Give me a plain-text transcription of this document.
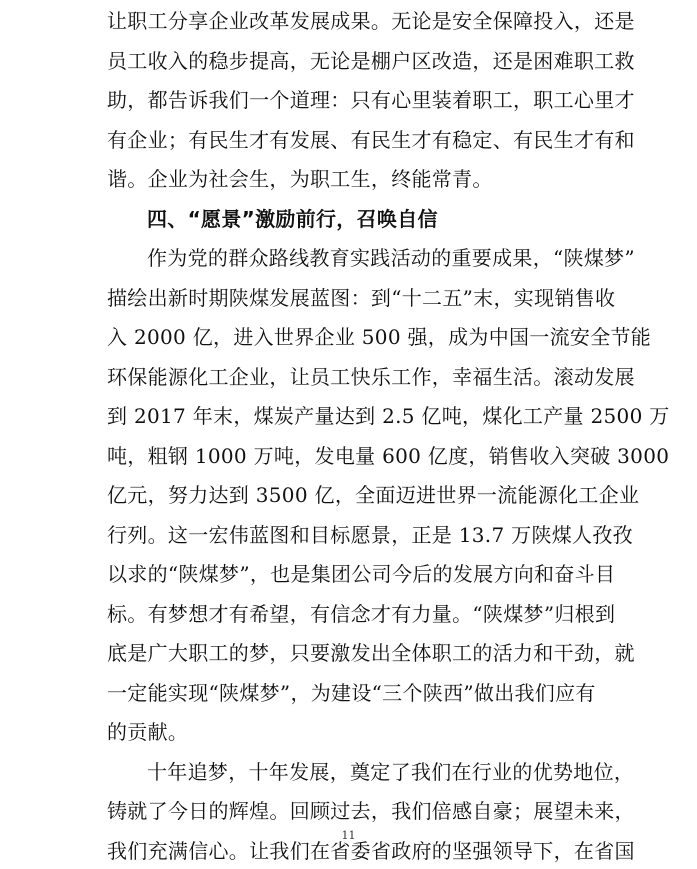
让职工分享企业改革发展成果。无论是安全保障投入，还是
员工收入的稳步提高，无论是棚户区改造，还是困难职工救
助，都告诉我们一个道理：只有心里装着职工，职工心里才
有企业；有民生才有发展、有民生才有稳定、有民生才有和
谐。企业为社会生，为职工生，终能常青。
四、“愿景”激励前行，召唤自信
作为党的群众路线教育实践活动的重要成果，“陕煤梦”
描绘出新时期陕煤发展蓝图：到“十二五”末，实现销售收
入 2000 亿，进入世界企业 500 强，成为中国一流安全节能
环保能源化工企业，让员工快乐工作，幸福生活。滚动发展
到 2017 年末，煤炭产量达到 2.5 亿吨，煤化工产量 2500 万
吨，粗钢 1000 万吨，发电量 600 亿度，销售收入突破 3000
亿元，努力达到 3500 亿，全面迈进世界一流能源化工企业
行列。这一宏伟蓝图和目标愿景，正是 13.7 万陕煤人孜孜
以求的“陕煤梦”，也是集团公司今后的发展方向和奋斗目
标。有梦想才有希望，有信念才有力量。“陕煤梦”归根到
底是广大职工的梦，只要激发出全体职工的活力和干劲，就
一定能实现“陕煤梦”，为建设“三个陕西”做出我们应有
的贡献。
十年追梦，十年发展，奠定了我们在行业的优势地位，
铸就了今日的辉煌。回顾过去，我们倍感自豪；展望未来，
我们充满信心。让我们在省委省政府的坚强领导下，在省国
11
